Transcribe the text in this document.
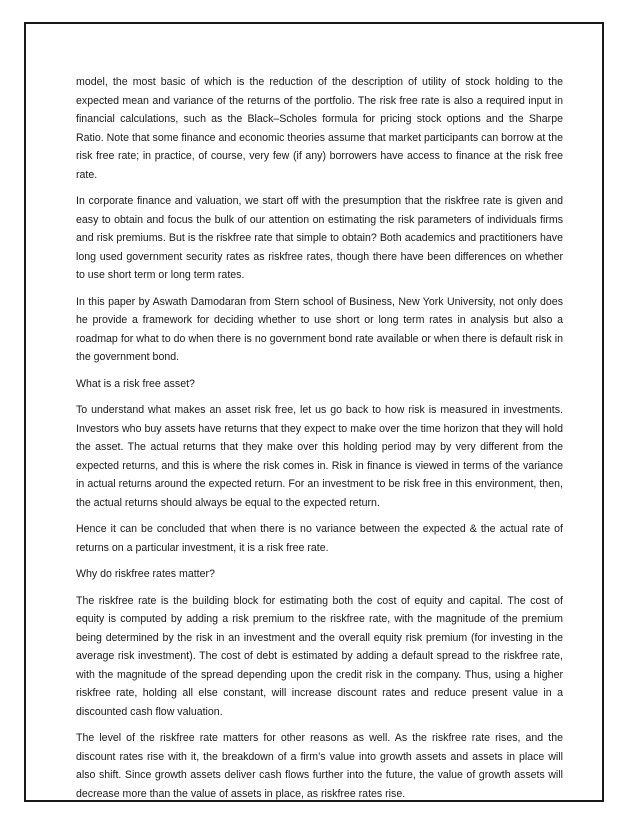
model, the most basic of which is the reduction of the description of utility of stock holding to the expected mean and variance of the returns of the portfolio. The risk free rate is also a required input in financial calculations, such as the Black–Scholes formula for pricing stock options and the Sharpe Ratio. Note that some finance and economic theories assume that market participants can borrow at the risk free rate; in practice, of course, very few (if any) borrowers have access to finance at the risk free rate.

In corporate finance and valuation, we start off with the presumption that the riskfree rate is given and easy to obtain and focus the bulk of our attention on estimating the risk parameters of individuals firms and risk premiums. But is the riskfree rate that simple to obtain? Both academics and practitioners have long used government security rates as riskfree rates, though there have been differences on whether to use short term or long term rates.

In this paper by Aswath Damodaran from Stern school of Business, New York University, not only does he provide a framework for deciding whether to use short or long term rates in analysis but also a roadmap for what to do when there is no government bond rate available or when there is default risk in the government bond.

What is a risk free asset?

To understand what makes an asset risk free, let us go back to how risk is measured in investments. Investors who buy assets have returns that they expect to make over the time horizon that they will hold the asset. The actual returns that they make over this holding period may by very different from the expected returns, and this is where the risk comes in. Risk in finance is viewed in terms of the variance in actual returns around the expected return. For an investment to be risk free in this environment, then, the actual returns should always be equal to the expected return.

Hence it can be concluded that when there is no variance between the expected & the actual rate of returns on a particular investment, it is a risk free rate.

Why do riskfree rates matter?

The riskfree rate is the building block for estimating both the cost of equity and capital. The cost of equity is computed by adding a risk premium to the riskfree rate, with the magnitude of the premium being determined by the risk in an investment and the overall equity risk premium (for investing in the average risk investment). The cost of debt is estimated by adding a default spread to the riskfree rate, with the magnitude of the spread depending upon the credit risk in the company. Thus, using a higher riskfree rate, holding all else constant, will increase discount rates and reduce present value in a discounted cash flow valuation.

The level of the riskfree rate matters for other reasons as well. As the riskfree rate rises, and the discount rates rise with it, the breakdown of a firm’s value into growth assets and assets in place will also shift. Since growth assets deliver cash flows further into the future, the value of growth assets will decrease more than the value of assets in place, as riskfree rates rise.
